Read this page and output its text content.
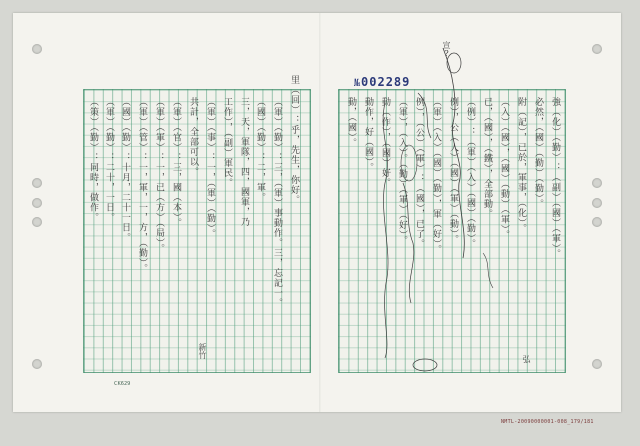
№002289
CK629
宣?
新竹	弘
里（回）：乎，先生，你好。
（軍）（勤）：三，（軍）事動作。三，忘記一。
（國）（勤）：二，軍。
三，天，軍隊，四，國軍，乃
工作），（副）軍民。
（軍）（事）：一，（軍）（勤）。
共計，全部可以。
（軍）（官）：三，國（本）。
（軍）（軍）：一，已（方）（局）。
（軍）（管）：一，軍，一，方，（勤）。
（國）（勤）：十月，二十一日。
（軍）（勤）：二十，一日。
（策）（勤）：同時，做作。	強（化）（勤）：（副）（國）（軍）。
必然，（國）（勤）（勤）。
附（記），已於，軍事，（化）。
（入）（國），（國）（動）（軍）。
已，（國），（鐵），全部動。
（例）：（軍）（入）（國）（勤）。
例），公（人）（國）（軍）（動）。
（軍）（入）（國）（勤），軍（好）。
例），（公）（軍）：（國），已了。
（軍），（入）。（勤）（軍）（好）。
動（作），（國）好。
動作，好（國）。
動，（國）。
NMTL-20090000001-008_179/181
